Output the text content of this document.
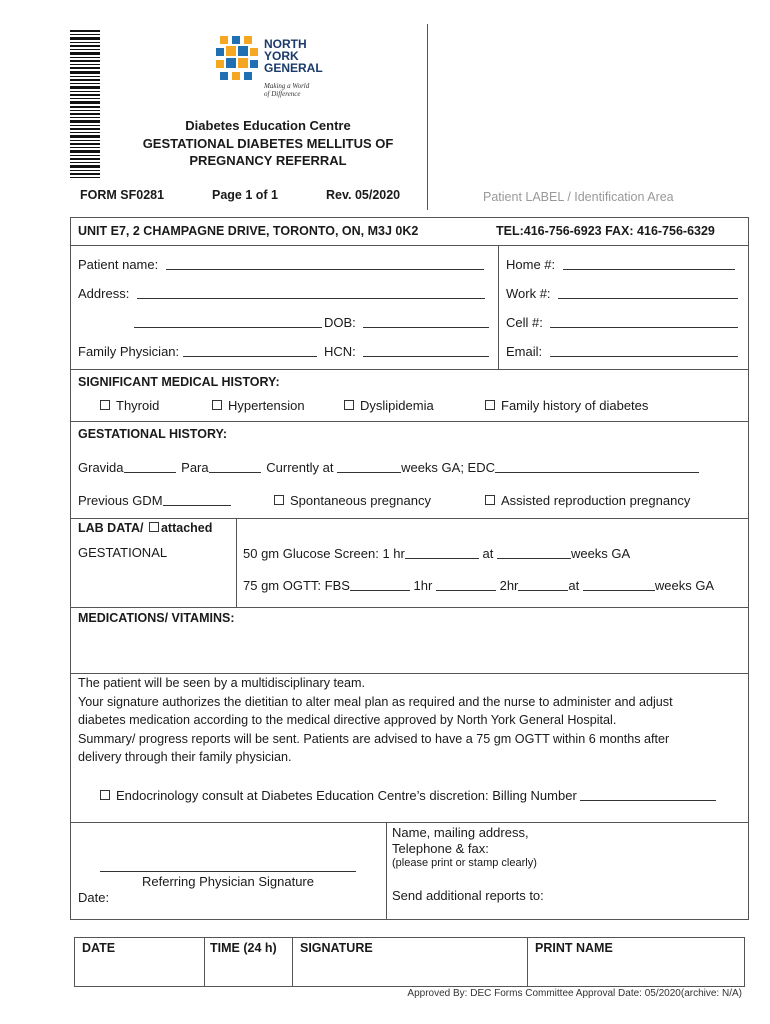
NORTH
YORK
GENERAL
Making a World
of Difference
Diabetes Education Centre
GESTATIONAL DIABETES MELLITUS OF
PREGNANCY REFERRAL
FORM SF0281	Page 1 of 1	Rev. 05/2020	Patient LABEL / Identification Area
UNIT E7, 2 CHAMPAGNE DRIVE, TORONTO, ON, M3J 0K2	TEL:416-756-6923 FAX: 416-756-6329
Patient name:
Address:
DOB:
Family Physician:	HCN:
Home #:
Work #:
Cell #:
Email:
SIGNIFICANT MEDICAL HISTORY:
Thyroid	Hypertension	Dyslipidemia	Family history of diabetes
GESTATIONAL HISTORY:
Gravida	Para	Currently at	weeks GA; EDC
Previous GDM	Spontaneous pregnancy	Assisted reproduction pregnancy
LAB DATA/ attached
GESTATIONAL	50 gm Glucose Screen: 1 hr	at	weeks GA
75 gm OGTT: FBS	1hr	2hr	at	weeks GA
MEDICATIONS/ VITAMINS:
The patient will be seen by a multidisciplinary team.
Your signature authorizes the dietitian to alter meal plan as required and the nurse to administer and adjust
diabetes medication according to the medical directive approved by North York General Hospital.
Summary/ progress reports will be sent. Patients are advised to have a 75 gm OGTT within 6 months after
delivery through their family physician.
Endocrinology consult at Diabetes Education Centre’s discretion: Billing Number
Referring Physician Signature
Date:
Name, mailing address,
Telephone & fax:
(please print or stamp clearly)
Send additional reports to:
DATE	TIME (24 h) SIGNATURE	PRINT NAME
Approved By: DEC Forms Committee Approval Date: 05/2020(archive: N/A)
